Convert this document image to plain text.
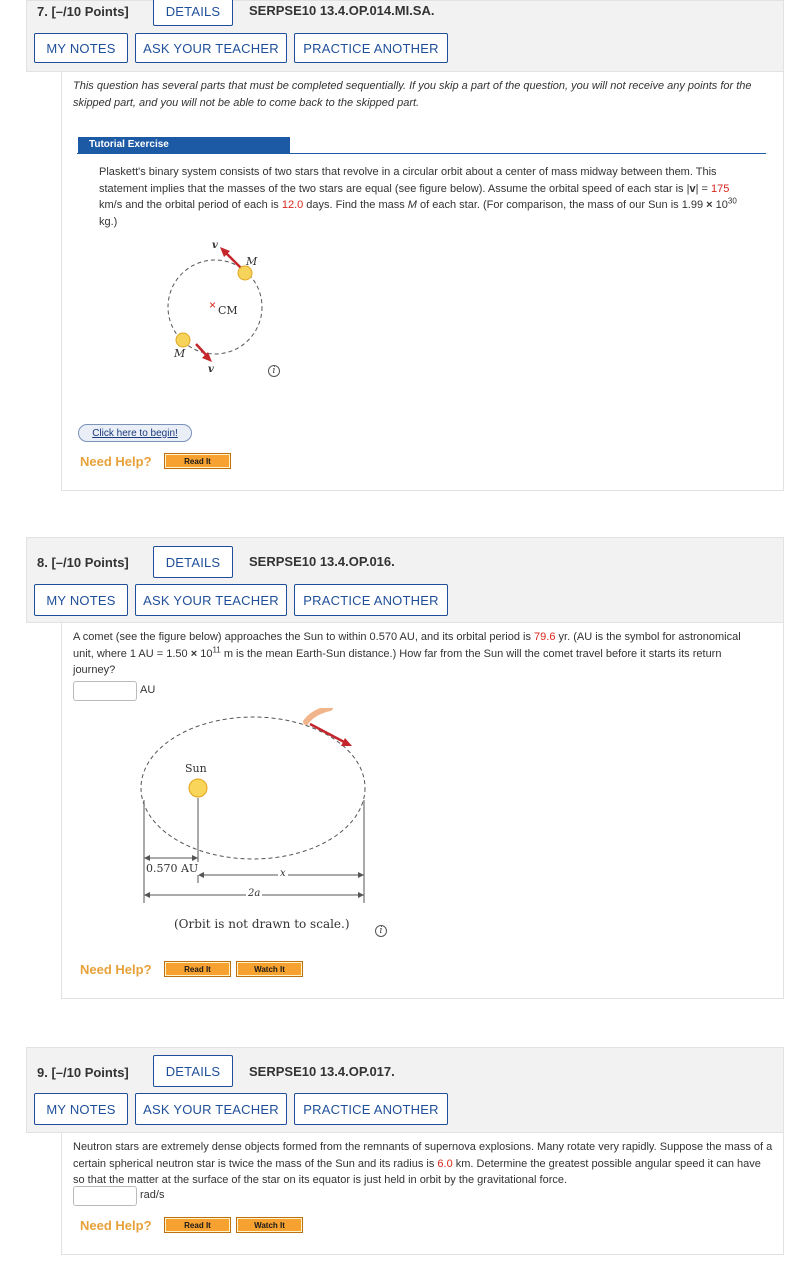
7. [–/10 Points]	DETAILS	SERPSE10 13.4.OP.014.MI.SA.
MY NOTES	ASK YOUR TEACHER	PRACTICE ANOTHER
This question has several parts that must be completed sequentially. If you skip a part of the question, you will not receive any points for the skipped part, and you will not be able to come back to the skipped part.
Tutorial Exercise
Plaskett's binary system consists of two stars that revolve in a circular orbit about a center of mass midway between them. This statement implies that the masses of the two stars are equal (see figure below). Assume the orbital speed of each star is |v| = 175 km/s and the orbital period of each is 12.0 days. Find the mass M of each star. (For comparison, the mass of our Sun is $1.99 \times 10^{30}$ kg.)
M
M
× CM
v
v	i
Click here to begin!
Need Help?	Read It
8. [–/10 Points]	DETAILS	SERPSE10 13.4.OP.016.
MY NOTES	ASK YOUR TEACHER	PRACTICE ANOTHER
A comet (see the figure below) approaches the Sun to within 0.570 AU, and its orbital period is 79.6 yr. (AU is the symbol for astronomical unit, where 1 AU = $1.50 \times 10^{11}$ m is the mean Earth-Sun distance.) How far from the Sun will the comet travel before it starts its return journey?
AU
Sun
0.570 AU	x
2a
(Orbit is not drawn to scale.)	i
Need Help?	Read It	Watch It
9. [–/10 Points]	DETAILS	SERPSE10 13.4.OP.017.
MY NOTES	ASK YOUR TEACHER	PRACTICE ANOTHER
Neutron stars are extremely dense objects formed from the remnants of supernova explosions. Many rotate very rapidly. Suppose the mass of a certain spherical neutron star is twice the mass of the Sun and its radius is 6.0 km. Determine the greatest possible angular speed it can have so that the matter at the surface of the star on its equator is just held in orbit by the gravitational force.
rad/s
Need Help?	Read It	Watch It
